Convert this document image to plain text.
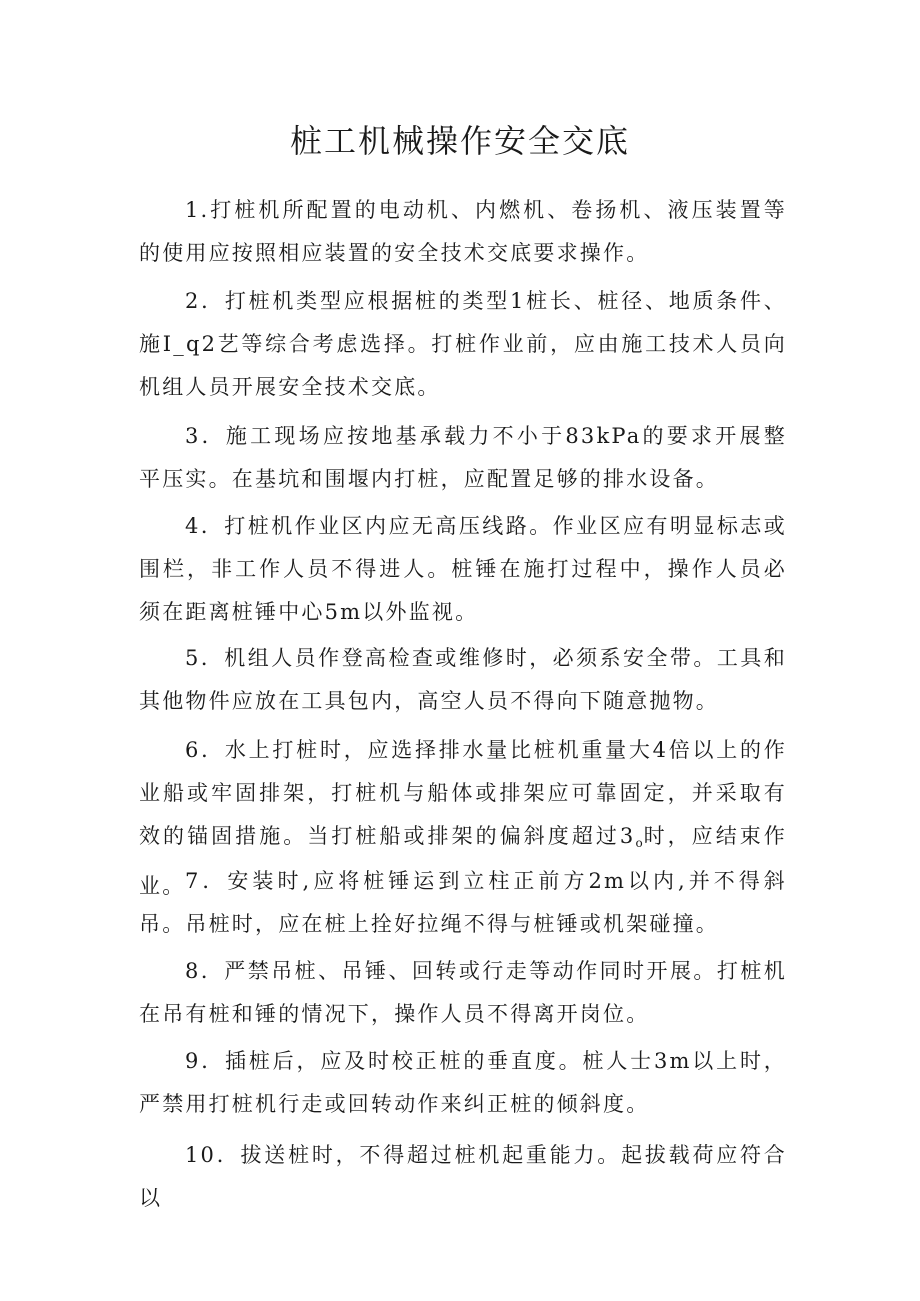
桩工机械操作安全交底

1.打桩机所配置的电动机、内燃机、卷扬机、液压装置等的使用应按照相应装置的安全技术交底要求操作。

2．打桩机类型应根据桩的类型1桩长、桩径、地质条件、施I_q2艺等综合考虑选择。打桩作业前，应由施工技术人员向机组人员开展安全技术交底。

3．施工现场应按地基承载力不小于83kPa的要求开展整平压实。在基坑和围堰内打桩，应配置足够的排水设备。

4．打桩机作业区内应无高压线路。作业区应有明显标志或围栏，非工作人员不得进人。桩锤在施打过程中，操作人员必须在距离桩锤中心5m以外监视。

5．机组人员作登高检查或维修时，必须系安全带。工具和其他物件应放在工具包内，高空人员不得向下随意抛物。

6．水上打桩时，应选择排水量比桩机重量大4倍以上的作业船或牢固排架，打桩机与船体或排架应可靠固定，并采取有效的锚固措施。当打桩船或排架的偏斜度超过$3_o$时，应结束作业。 7．安装时,应将桩锤运到立柱正前方2m以内,并不得斜吊。吊桩时，应在桩上拴好拉绳不得与桩锤或机架碰撞。

8．严禁吊桩、吊锤、回转或行走等动作同时开展。打桩机在吊有桩和锤的情况下，操作人员不得离开岗位。

9．插桩后，应及时校正桩的垂直度。桩人士3m以上时，严禁用打桩机行走或回转动作来纠正桩的倾斜度。

10．拔送桩时，不得超过桩机起重能力。起拔载荷应符合以
